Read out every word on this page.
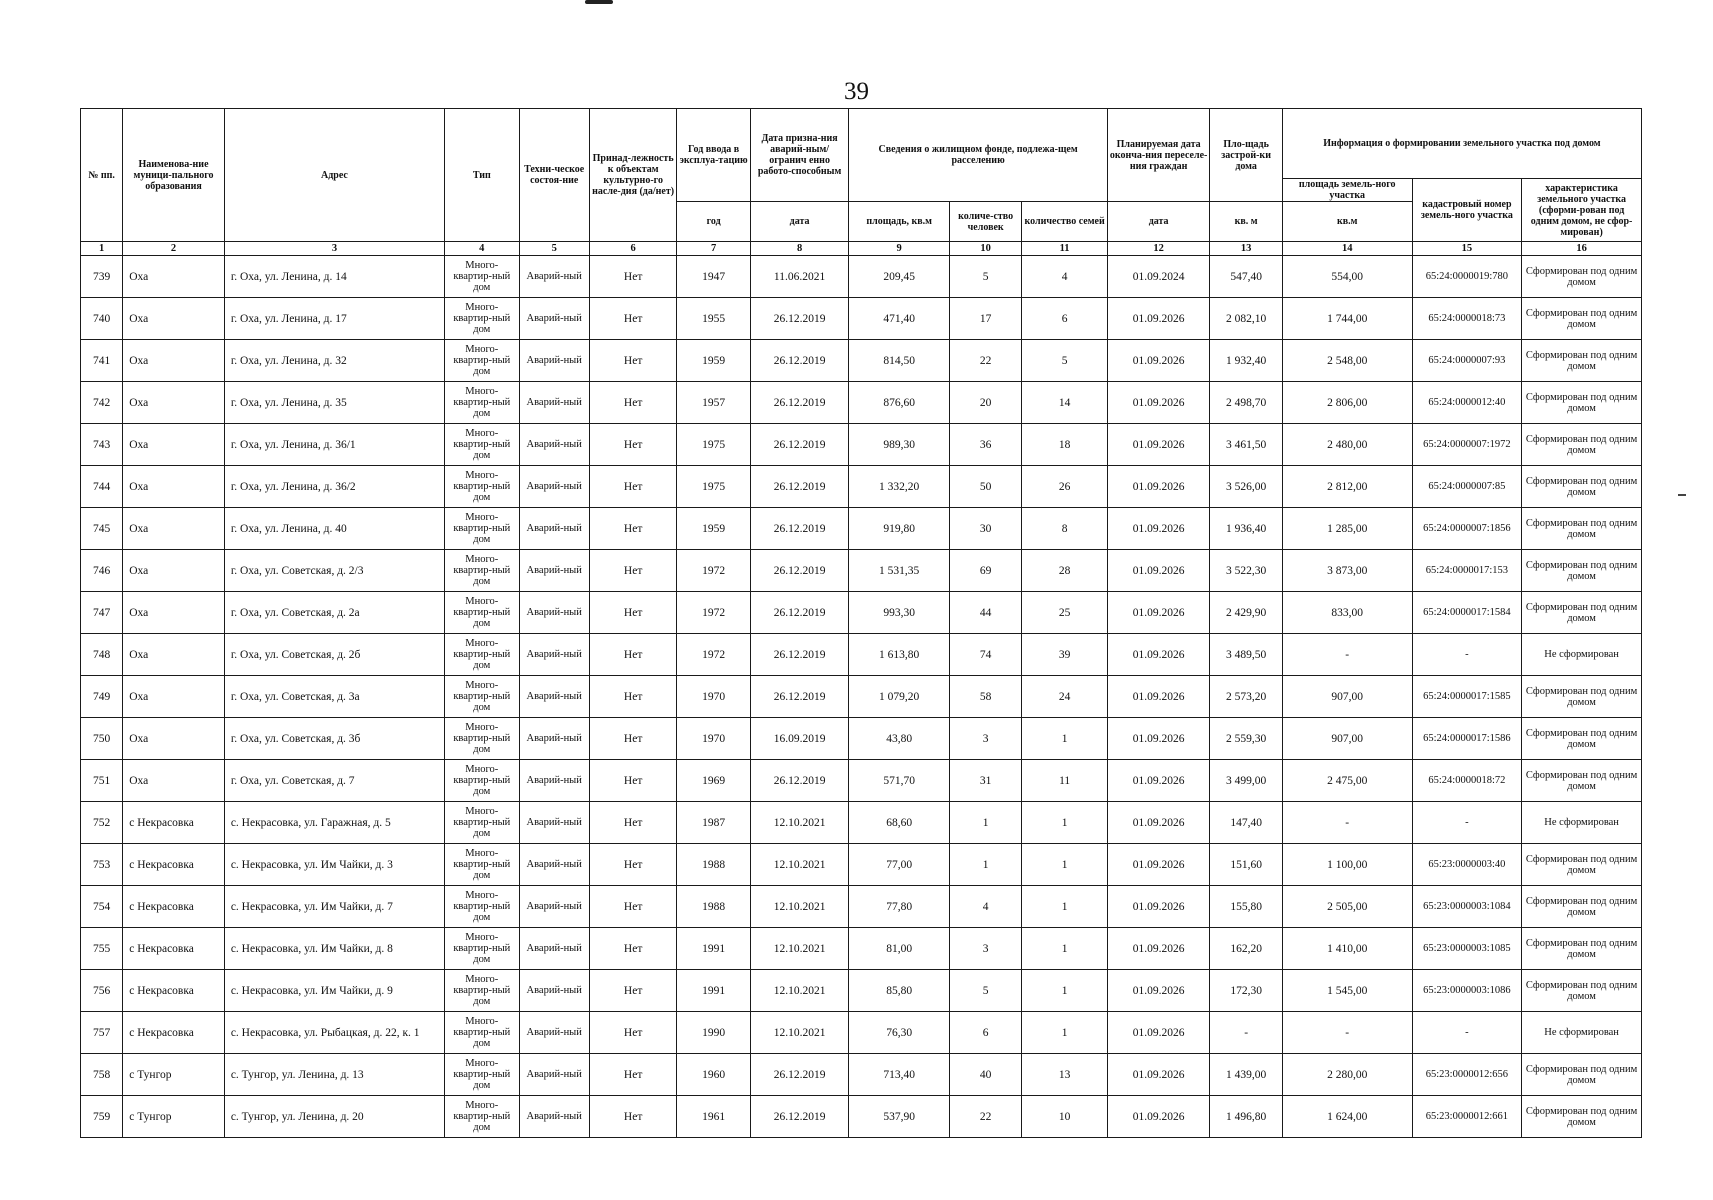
39
№ пп.	Наименова-ние муници-пального образования	Адрес	Тип	Техни-ческое состоя-ние	Принад-лежность к объектам культурно-го насле-дия (да/нет)	Год ввода в эксплуа-тацию	Дата призна-ния аварий-ным/огранич енно работо-способным	Сведения о жилищном фонде, подлежа-щем расселению			Планируемая дата оконча-ния переселе-ния граждан	Пло-щадь застрой-ки дома	Информация о формировании земельного участка под домом		
													площадь земель-ного участка	кадастровый номер земель-ного участка	характеристика земельного участка (сформи-рован под одним домом, не сфор-мирован)
						год	дата	площадь, кв.м	количе-ство человек	количество семей	дата	кв. м	кв.м		
1	2	3	4	5	6	7	8	9	10	11	12	13	14	15	16
739	Оха	г. Оха, ул. Ленина, д. 14	Много-квартир-ный дом	Аварий-ный	Нет	1947	11.06.2021	209,45	5	4	01.09.2024	547,40	554,00	65:24:0000019:780	Сформирован под одним домом
740	Оха	г. Оха, ул. Ленина, д. 17	Много-квартир-ный дом	Аварий-ный	Нет	1955	26.12.2019	471,40	17	6	01.09.2026	2 082,10	1 744,00	65:24:0000018:73	Сформирован под одним домом
741	Оха	г. Оха, ул. Ленина, д. 32	Много-квартир-ный дом	Аварий-ный	Нет	1959	26.12.2019	814,50	22	5	01.09.2026	1 932,40	2 548,00	65:24:0000007:93	Сформирован под одним домом
742	Оха	г. Оха, ул. Ленина, д. 35	Много-квартир-ный дом	Аварий-ный	Нет	1957	26.12.2019	876,60	20	14	01.09.2026	2 498,70	2 806,00	65:24:0000012:40	Сформирован под одним домом
743	Оха	г. Оха, ул. Ленина, д. 36/1	Много-квартир-ный дом	Аварий-ный	Нет	1975	26.12.2019	989,30	36	18	01.09.2026	3 461,50	2 480,00	65:24:0000007:1972	Сформирован под одним домом
744	Оха	г. Оха, ул. Ленина, д. 36/2	Много-квартир-ный дом	Аварий-ный	Нет	1975	26.12.2019	1 332,20	50	26	01.09.2026	3 526,00	2 812,00	65:24:0000007:85	Сформирован под одним домом
745	Оха	г. Оха, ул. Ленина, д. 40	Много-квартир-ный дом	Аварий-ный	Нет	1959	26.12.2019	919,80	30	8	01.09.2026	1 936,40	1 285,00	65:24:0000007:1856	Сформирован под одним домом
746	Оха	г. Оха, ул. Советская, д. 2/3	Много-квартир-ный дом	Аварий-ный	Нет	1972	26.12.2019	1 531,35	69	28	01.09.2026	3 522,30	3 873,00	65:24:0000017:153	Сформирован под одним домом
747	Оха	г. Оха, ул. Советская, д. 2а	Много-квартир-ный дом	Аварий-ный	Нет	1972	26.12.2019	993,30	44	25	01.09.2026	2 429,90	833,00	65:24:0000017:1584	Сформирован под одним домом
748	Оха	г. Оха, ул. Советская, д. 2б	Много-квартир-ный дом	Аварий-ный	Нет	1972	26.12.2019	1 613,80	74	39	01.09.2026	3 489,50	-	-	Не сформирован
749	Оха	г. Оха, ул. Советская, д. 3а	Много-квартир-ный дом	Аварий-ный	Нет	1970	26.12.2019	1 079,20	58	24	01.09.2026	2 573,20	907,00	65:24:0000017:1585	Сформирован под одним домом
750	Оха	г. Оха, ул. Советская, д. 3б	Много-квартир-ный дом	Аварий-ный	Нет	1970	16.09.2019	43,80	3	1	01.09.2026	2 559,30	907,00	65:24:0000017:1586	Сформирован под одним домом
751	Оха	г. Оха, ул. Советская, д. 7	Много-квартир-ный дом	Аварий-ный	Нет	1969	26.12.2019	571,70	31	11	01.09.2026	3 499,00	2 475,00	65:24:0000018:72	Сформирован под одним домом
752	с Некрасовка	с. Некрасовка, ул. Гаражная, д. 5	Много-квартир-ный дом	Аварий-ный	Нет	1987	12.10.2021	68,60	1	1	01.09.2026	147,40	-	-	Не сформирован
753	с Некрасовка	с. Некрасовка, ул. Им Чайки, д. 3	Много-квартир-ный дом	Аварий-ный	Нет	1988	12.10.2021	77,00	1	1	01.09.2026	151,60	1 100,00	65:23:0000003:40	Сформирован под одним домом
754	с Некрасовка	с. Некрасовка, ул. Им Чайки, д. 7	Много-квартир-ный дом	Аварий-ный	Нет	1988	12.10.2021	77,80	4	1	01.09.2026	155,80	2 505,00	65:23:0000003:1084	Сформирован под одним домом
755	с Некрасовка	с. Некрасовка, ул. Им Чайки, д. 8	Много-квартир-ный дом	Аварий-ный	Нет	1991	12.10.2021	81,00	3	1	01.09.2026	162,20	1 410,00	65:23:0000003:1085	Сформирован под одним домом
756	с Некрасовка	с. Некрасовка, ул. Им Чайки, д. 9	Много-квартир-ный дом	Аварий-ный	Нет	1991	12.10.2021	85,80	5	1	01.09.2026	172,30	1 545,00	65:23:0000003:1086	Сформирован под одним домом
757	с Некрасовка	с. Некрасовка, ул. Рыбацкая, д. 22, к. 1	Много-квартир-ный дом	Аварий-ный	Нет	1990	12.10.2021	76,30	6	1	01.09.2026	-	-	-	Не сформирован
758	с Тунгор	с. Тунгор, ул. Ленина, д. 13	Много-квартир-ный дом	Аварий-ный	Нет	1960	26.12.2019	713,40	40	13	01.09.2026	1 439,00	2 280,00	65:23:0000012:656	Сформирован под одним домом
759	с Тунгор	с. Тунгор, ул. Ленина, д. 20	Много-квартир-ный дом	Аварий-ный	Нет	1961	26.12.2019	537,90	22	10	01.09.2026	1 496,80	1 624,00	65:23:0000012:661	Сформирован под одним домом
